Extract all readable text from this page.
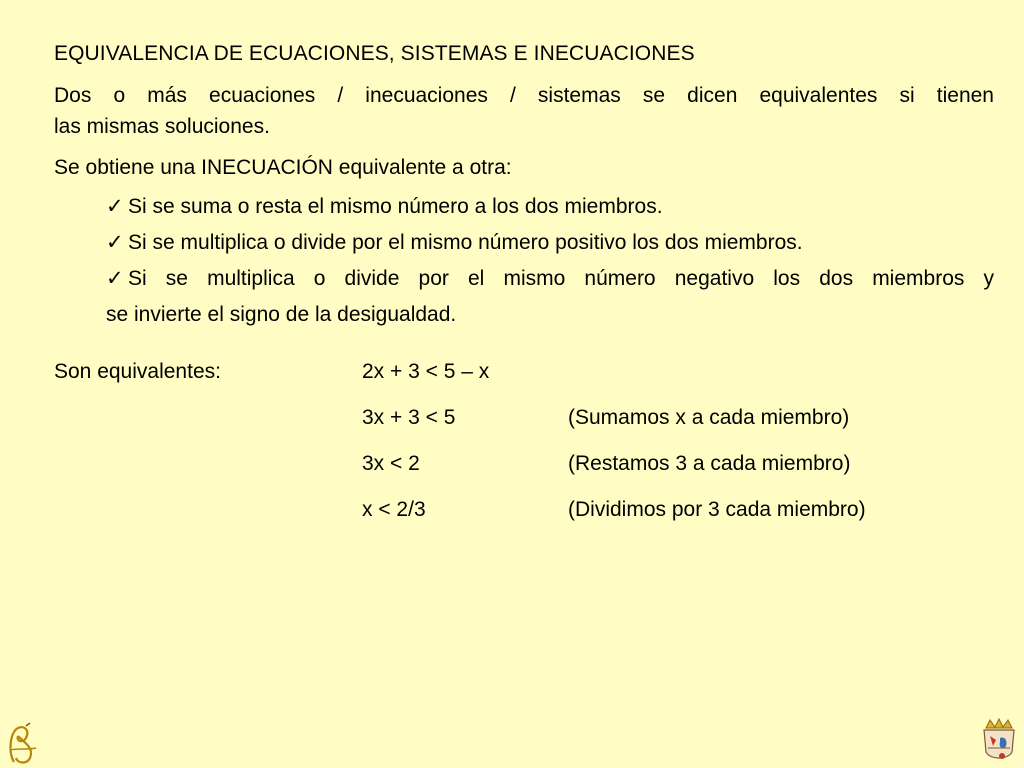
EQUIVALENCIA DE ECUACIONES, SISTEMAS E INECUACIONES
Dos o más ecuaciones / inecuaciones / sistemas se dicen equivalentes si tienen
las mismas soluciones.
Se obtiene una INECUACIÓN equivalente a otra:
✓ Si se suma o resta el mismo número a los dos miembros.
✓ Si se multiplica o divide por el mismo número positivo los dos miembros.
✓ Si se multiplica o divide por el mismo número negativo los dos miembros y
se invierte el signo de la desigualdad.
Son equivalentes:	2x + 3 < 5 – x
3x + 3 < 5	(Sumamos x a cada miembro)
3x < 2	(Restamos 3 a cada miembro)
x < 2/3	(Dividimos por 3 cada miembro)
